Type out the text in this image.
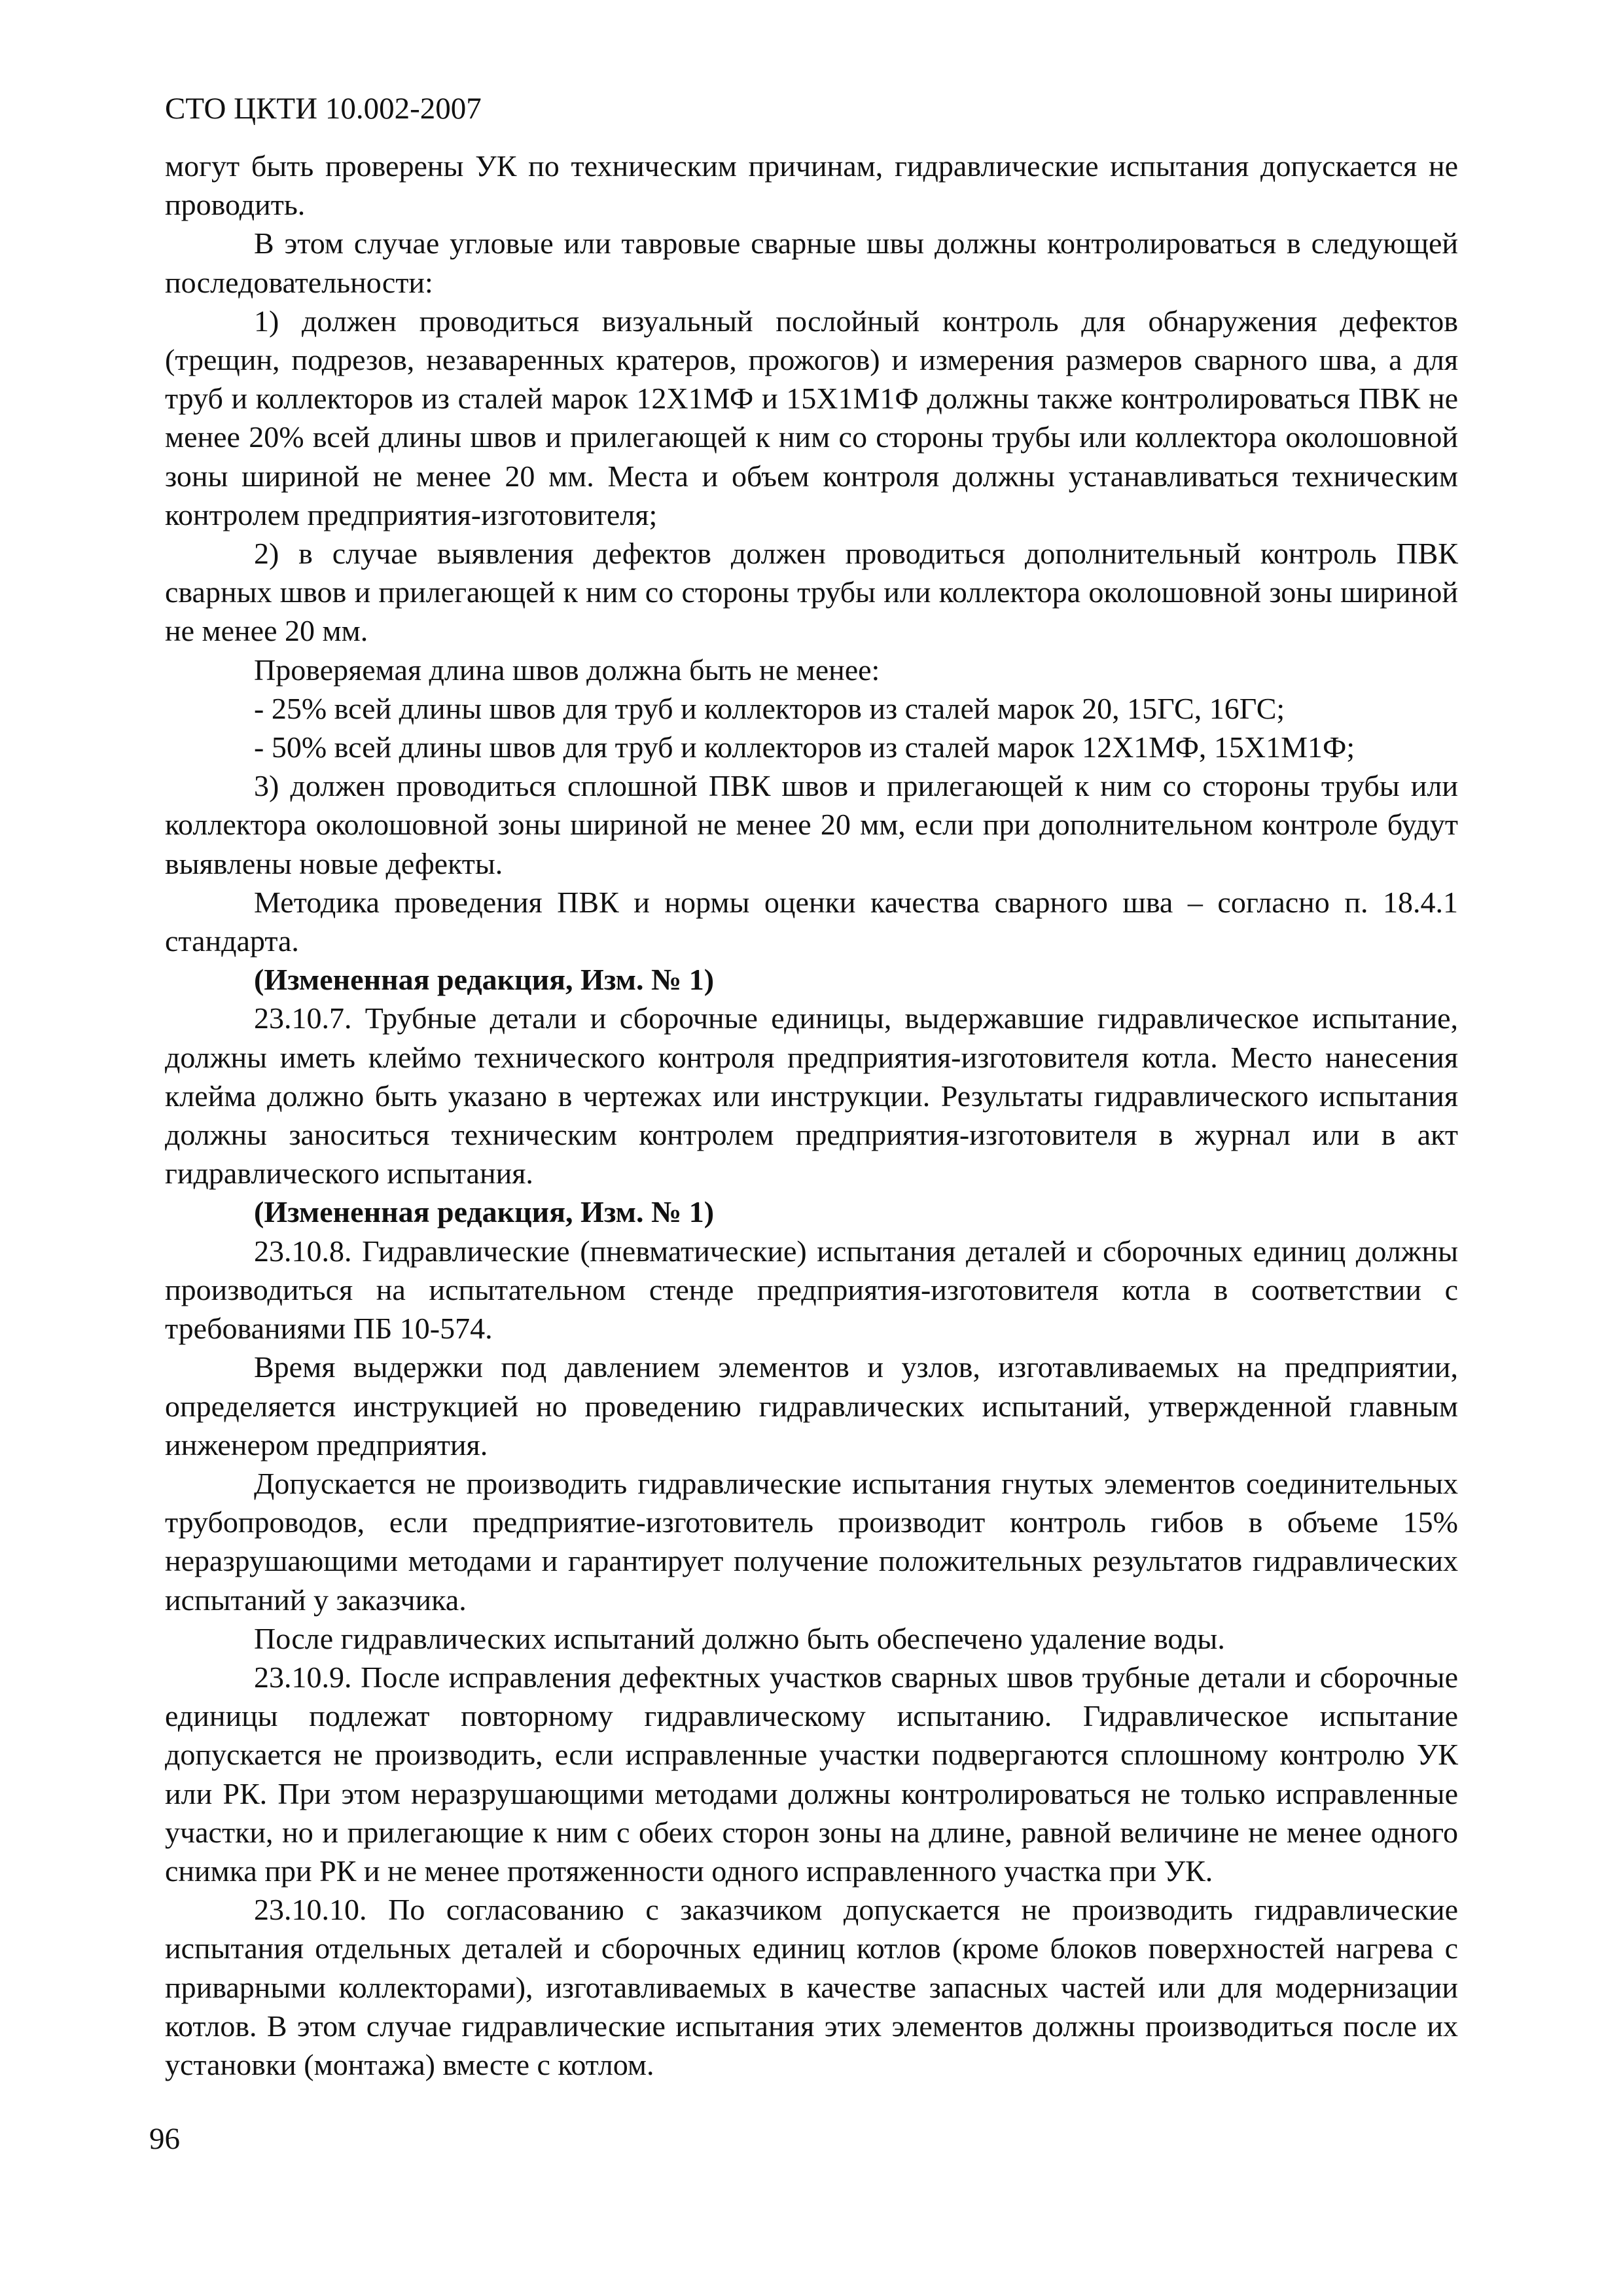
СТО ЦКТИ 10.002-2007

могут быть проверены УК по техническим причинам, гидравлические испытания допускается не проводить.

В этом случае угловые или тавровые сварные швы должны контролироваться в следующей последовательности:

1) должен проводиться визуальный послойный контроль для обнаружения дефектов (трещин, подрезов, незаваренных кратеров, прожогов) и измерения размеров сварного шва, а для труб и коллекторов из сталей марок 12Х1МФ и 15Х1М1Ф должны также контролироваться ПВК не менее 20% всей длины швов и прилегающей к ним со стороны трубы или коллектора околошовной зоны шириной не менее 20 мм. Места и объем контроля должны устанавливаться техническим контролем предприятия-изготовителя;

2) в случае выявления дефектов должен проводиться дополнительный контроль ПВК сварных швов и прилегающей к ним со стороны трубы или коллектора околошовной зоны шириной не менее 20 мм.

Проверяемая длина швов должна быть не менее:

- 25% всей длины швов для труб и коллекторов из сталей марок 20, 15ГС, 16ГС;

- 50% всей длины швов для труб и коллекторов из сталей марок 12Х1МФ, 15Х1М1Ф;

3) должен проводиться сплошной ПВК швов и прилегающей к ним со стороны трубы или коллектора околошовной зоны шириной не менее 20 мм, если при дополнительном контроле будут выявлены новые дефекты.

Методика проведения ПВК и нормы оценки качества сварного шва – согласно п. 18.4.1 стандарта.

(Измененная редакция, Изм. № 1)

23.10.7. Трубные детали и сборочные единицы, выдержавшие гидравлическое испытание, должны иметь клеймо технического контроля предприятия-изготовителя котла. Место нанесения клейма должно быть указано в чертежах или инструкции. Результаты гидравлического испытания должны заноситься техническим контролем предприятия-изготовителя в журнал или в акт гидравлического испытания.

(Измененная редакция, Изм. № 1)

23.10.8. Гидравлические (пневматические) испытания деталей и сборочных единиц должны производиться на испытательном стенде предприятия-изготовителя котла в соответствии с требованиями ПБ 10-574.

Время выдержки под давлением элементов и узлов, изготавливаемых на предприятии, определяется инструкцией но проведению гидравлических испытаний, утвержденной главным инженером предприятия.

Допускается не производить гидравлические испытания гнутых элементов соединительных трубопроводов, если предприятие-изготовитель производит контроль гибов в объеме 15% неразрушающими методами и гарантирует получение положительных результатов гидравлических испытаний у заказчика.

После гидравлических испытаний должно быть обеспечено удаление воды.

23.10.9. После исправления дефектных участков сварных швов трубные детали и сборочные единицы подлежат повторному гидравлическому испытанию. Гидравлическое испытание допускается не производить, если исправленные участки подвергаются сплошному контролю УК или РК. При этом неразрушающими методами должны контролироваться не только исправленные участки, но и прилегающие к ним с обеих сторон зоны на длине, равной величине не менее одного снимка при РК и не менее протяженности одного исправленного участка при УК.

23.10.10. По согласованию с заказчиком допускается не производить гидравлические испытания отдельных деталей и сборочных единиц котлов (кроме блоков поверхностей нагрева с приварными коллекторами), изготавливаемых в качестве запасных частей или для модернизации котлов. В этом случае гидравлические испытания этих элементов должны производиться после их установки (монтажа) вместе с котлом.

96
